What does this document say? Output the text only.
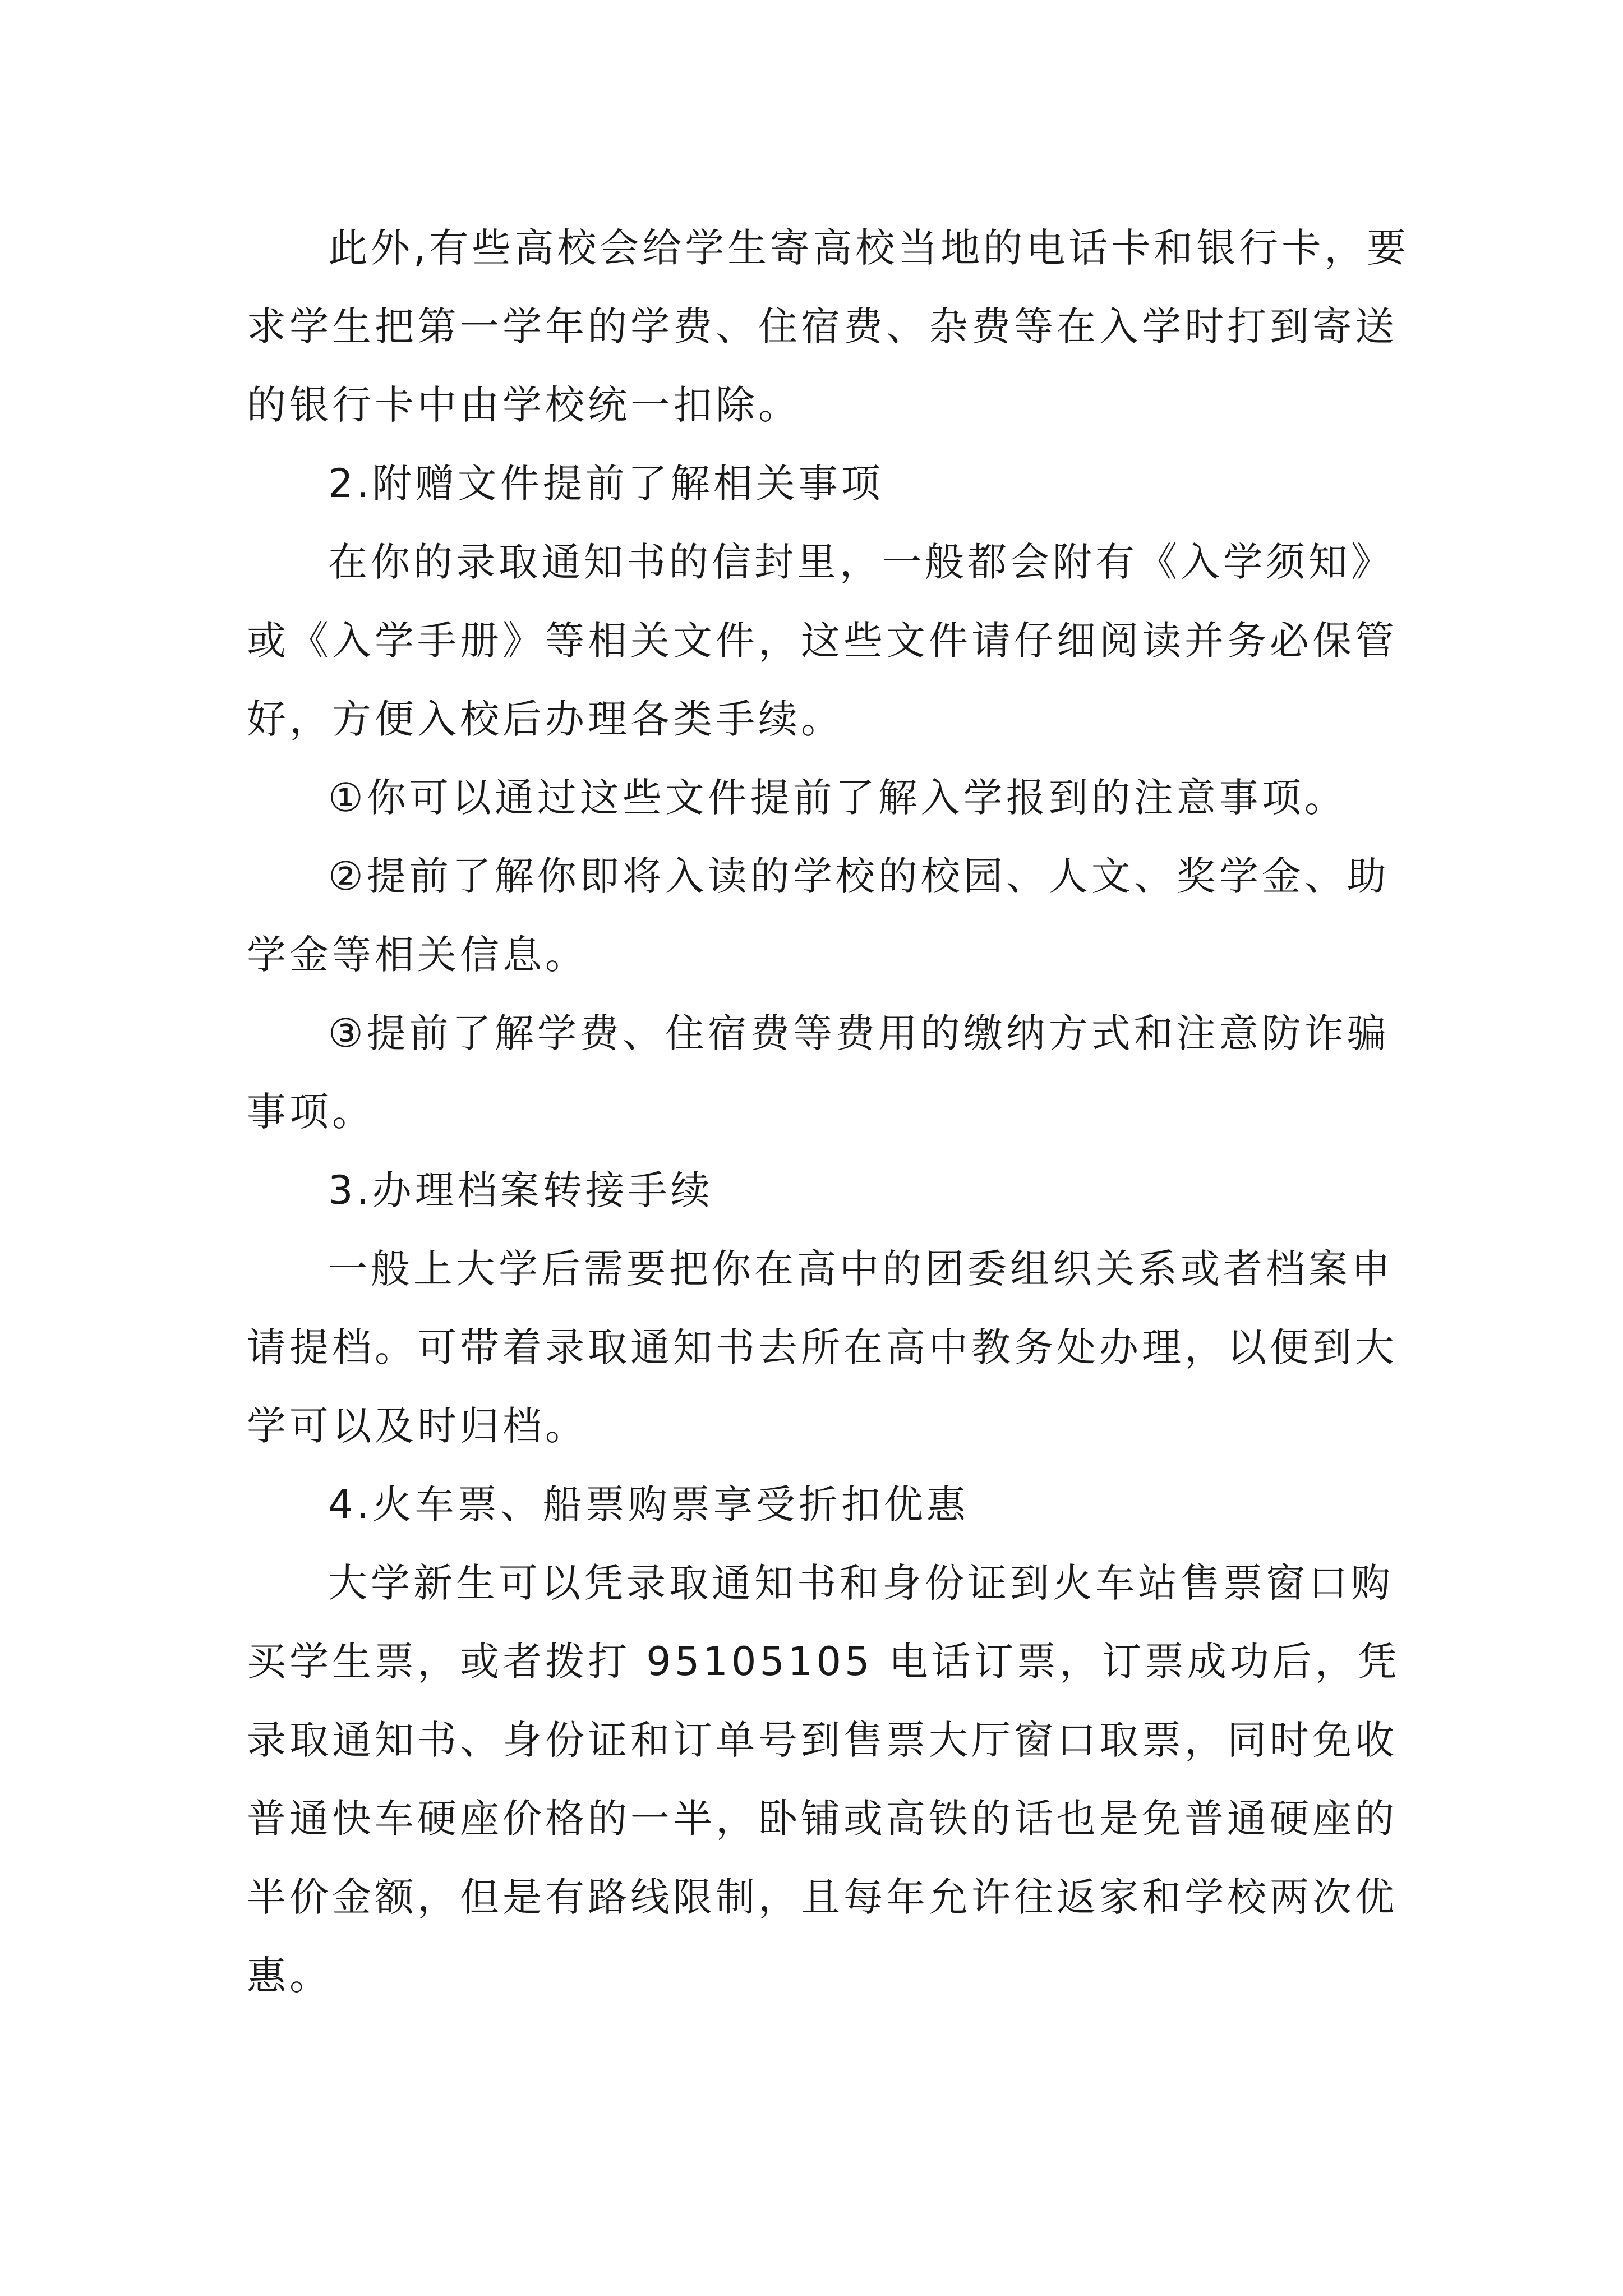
此外,有些高校会给学生寄高校当地的电话卡和银行卡，要求学生把第一学年的学费、住宿费、杂费等在入学时打到寄送的银行卡中由学校统一扣除。

2.附赠文件提前了解相关事项

在你的录取通知书的信封里，一般都会附有《入学须知》或《入学手册》等相关文件，这些文件请仔细阅读并务必保管好，方便入校后办理各类手续。

①你可以通过这些文件提前了解入学报到的注意事项。

②提前了解你即将入读的学校的校园、人文、奖学金、助学金等相关信息。

③提前了解学费、住宿费等费用的缴纳方式和注意防诈骗事项。

3.办理档案转接手续

一般上大学后需要把你在高中的团委组织关系或者档案申请提档。可带着录取通知书去所在高中教务处办理，以便到大学可以及时归档。

4.火车票、船票购票享受折扣优惠

大学新生可以凭录取通知书和身份证到火车站售票窗口购买学生票，或者拨打 95105105 电话订票，订票成功后，凭录取通知书、身份证和订单号到售票大厅窗口取票，同时免收普通快车硬座价格的一半，卧铺或高铁的话也是免普通硬座的半价金额，但是有路线限制，且每年允许往返家和学校两次优惠。
